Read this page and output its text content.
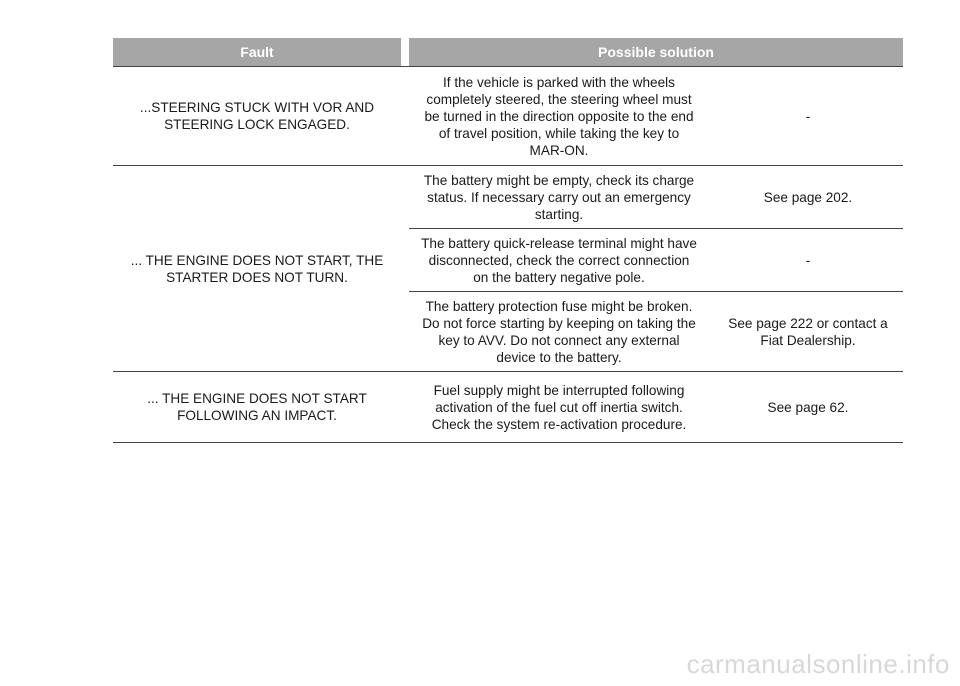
Fault	Possible solution
...STEERING STUCK WITH VOR AND
STEERING LOCK ENGAGED.
If the vehicle is parked with the wheels
completely steered, the steering wheel must
be turned in the direction opposite to the end
of travel position, while taking the key to
MAR-ON.
-
... THE ENGINE DOES NOT START, THE
STARTER DOES NOT TURN.
The battery might be empty, check its charge
status. If necessary carry out an emergency
starting.
See page 202.
The battery quick-release terminal might have
disconnected, check the correct connection
on the battery negative pole.
-
The battery protection fuse might be broken.
Do not force starting by keeping on taking the
key to AVV. Do not connect any external
device to the battery.
See page 222 or contact a
Fiat Dealership.
... THE ENGINE DOES NOT START
FOLLOWING AN IMPACT.
Fuel supply might be interrupted following
activation of the fuel cut off inertia switch.
Check the system re-activation procedure.
See page 62.
carmanualsonline.info
